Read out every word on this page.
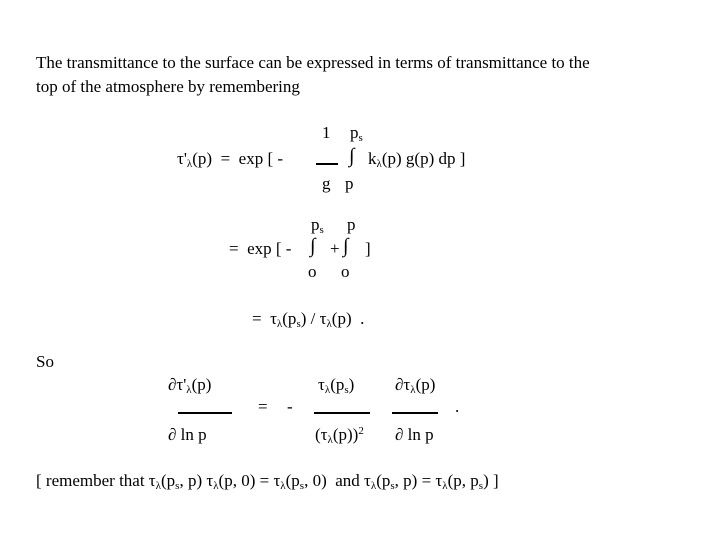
The transmittance to the surface can be expressed in terms of transmittance to the
top of the atmosphere by remembering
1 $p_s$
$\tau'_\lambda(p) = \exp$ [ -	∫ $k_\lambda(p)$ g(p) dp ]
g p
$p_s$ p
=  exp [ - ∫ + ∫ ]
o o
=  $\tau_\lambda(p_s) / \tau_\lambda(p)$  .
So
$\partial\tau'_\lambda(p)$
∂ ln p
= -
$\tau_\lambda(p_s)$
$(\tau_\lambda(p))^2$
$\partial\tau_\lambda(p)$
∂ ln p
.
[ remember that $\tau_\lambda(p_s$, p) $\tau_\lambda(p$, $0) = \tau_\lambda(p_s$, 0)  and $\tau_\lambda(p_s$, $p) = \tau_\lambda(p$, $p_s$) ]
